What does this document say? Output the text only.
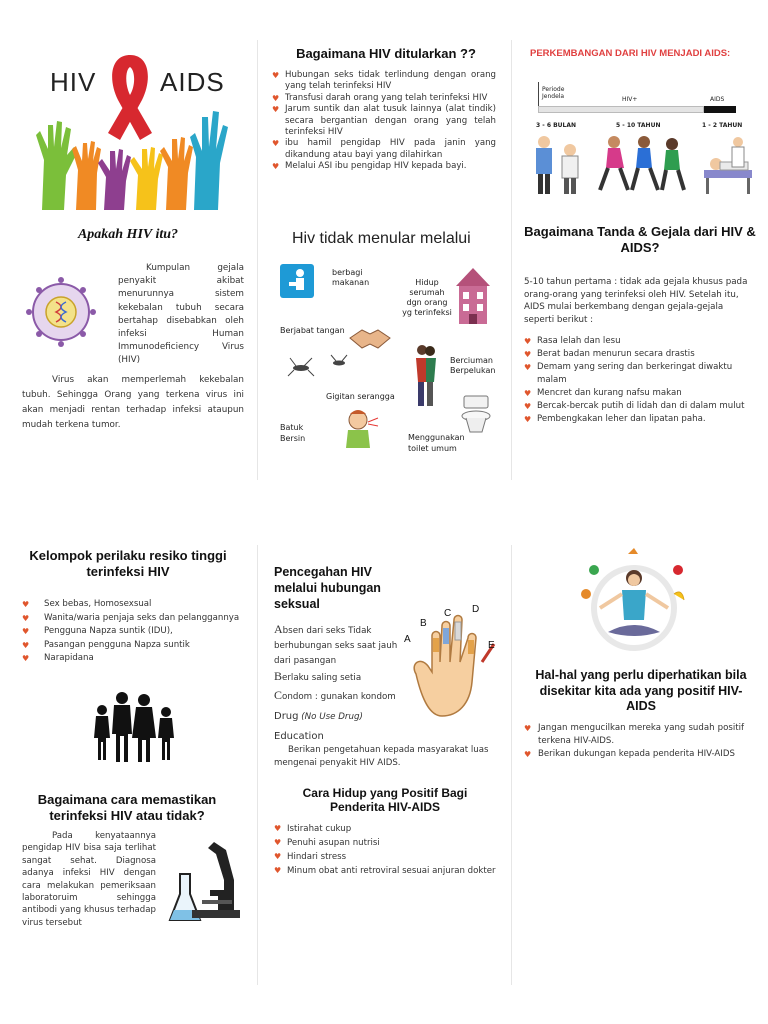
HIV AIDS
Apakah HIV itu?

Kumpulan gejala penyakit akibat menurunnya sistem kekebalan tubuh secara bertahap disebabkan oleh infeksi Human Immunodeficiency Virus (HIV)

Virus akan memperlemah kekebalan tubuh. Sehingga Orang yang terkena virus ini akan menjadi rentan terhadap infeksi ataupun mudah terkena tumor.

Bagaimana HIV ditularkan ??
♥ Hubungan seks tidak terlindung dengan orang yang telah terinfeksi HIV
♥ Transfusi darah orang yang telah terinfeksi HIV
♥ Jarum suntik dan alat tusuk lainnya (alat tindik) secara bergantian dengan orang yang telah terinfeksi HIV
♥ ibu hamil pengidap HIV pada janin yang dikandung atau bayi yang dilahirkan
♥ Melalui ASI ibu pengidap HIV kepada bayi.
Hiv tidak menular melalui
berbagi makanan	Hidup serumah dgn orang yg terinfeksi
Berjabat tangan
Berciuman Berpelukan
Gigitan serangga
Batuk Bersin	Menggunakan toilet umum
PERKEMBANGAN DARI HIV MENJADI AIDS:
Periode Jendela	HIV+	AIDS
3 - 6 BULAN	5 - 10 TAHUN	1 - 2 TAHUN
Bagaimana Tanda & Gejala dari HIV & AIDS?

5-10 tahun pertama : tidak ada gejala khusus pada orang-orang yang terinfeksi oleh HIV. Setelah itu, AIDS mulai berkembang dengan gejala-gejala seperti berikut :

♥ Rasa lelah dan lesu
♥ Berat badan menurun secara drastis
♥ Demam yang sering dan berkeringat diwaktu malam
♥ Mencret dan kurang nafsu makan
♥ Bercak-bercak putih di lidah dan di dalam mulut
♥ Pembengkakan leher dan lipatan paha.
Kelompok perilaku resiko tinggi terinfeksi HIV
♥ Sex bebas, Homosexsual
♥ Wanita/waria penjaja seks dan pelanggannya
♥ Pengguna Napza suntik (IDU),
♥ Pasangan pengguna Napza suntik
♥ Narapidana
Bagaimana cara memastikan terinfeksi HIV atau tidak?

Pada kenyataannya pengidap HIV bisa saja terlihat sangat sehat. Diagnosa adanya infeksi HIV dengan cara melakukan pemeriksaan laboratoruim sehingga antibodi yang khusus terhadap virus tersebut

Pencegahan HIV melalui hubungan seksual
A
B
C D
E
Absen dari seks Tidak berhubungan seks saat jauh dari pasangan
Berlaku saling setia
Condom : gunakan kondom Drug (No Use Drug) Education

Berikan pengetahuan kepada masyarakat luas mengenai penyakit HIV AIDS.

Cara Hidup yang Positif Bagi Penderita HIV-AIDS
♥ Istirahat cukup
♥ Penuhi asupan nutrisi
♥ Hindari stress
♥ Minum obat anti retroviral sesuai anjuran dokter
Hal-hal yang perlu diperhatikan bila disekitar kita ada yang positif HIV- AIDS
♥ Jangan mengucilkan mereka yang sudah positif terkena HIV-AIDS.
♥ Berikan dukungan kepada penderita HIV-AIDS
